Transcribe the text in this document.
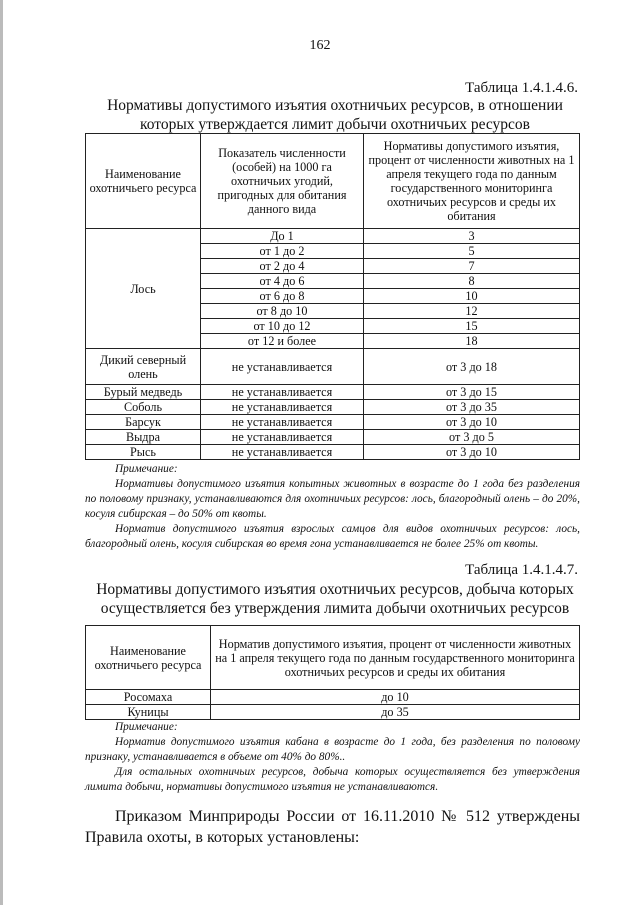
162
Таблица 1.4.1.4.6.
Нормативы допустимого изъятия охотничьих ресурсов, в отношении которых утверждается лимит добычи охотничьих ресурсов
Наименование охотничьего ресурса	Показатель численности (особей) на 1000 га охотничьих угодий, пригодных для обитания данного вида	Нормативы допустимого изъятия, процент от численности животных на 1 апреля текущего года по данным государственного мониторинга охотничьих ресурсов и среды их обитания
Лось	До 1	3
	от 1 до 2	5
	от 2 до 4	7
	от 4 до 6	8
	от 6 до 8	10
	от 8 до 10	12
	от 10 до 12	15
	от 12 и более	18
Дикий северный олень	не устанавливается	от 3 до 18
Бурый медведь	не устанавливается	от 3 до 15
Соболь	не устанавливается	от 3 до 35
Барсук	не устанавливается	от 3 до 10
Выдра	не устанавливается	от 3 до 5
Рысь	не устанавливается	от 3 до 10
Примечание:
Нормативы допустимого изъятия копытных животных в возрасте до 1 года без разделения по половому признаку, устанавливаются для охотничьих ресурсов: лось, благородный олень – до 20%, косуля сибирская – до 50% от квоты.
Норматив допустимого изъятия взрослых самцов для видов охотничьих ресурсов: лось, благородный олень, косуля сибирская во время гона устанавливается не более 25% от квоты.
Таблица 1.4.1.4.7.
Нормативы допустимого изъятия охотничьих ресурсов, добыча которых осуществляется без утверждения лимита добычи охотничьих ресурсов
Наименование охотничьего ресурса	Норматив допустимого изъятия, процент от численности животных на 1 апреля текущего года по данным государственного мониторинга охотничьих ресурсов и среды их обитания
Росомаха	до 10
Куницы	до 35
Примечание:
Норматив допустимого изъятия кабана в возрасте до 1 года, без разделения по половому признаку, устанавливается в объеме от 40% до 80%..
Для остальных охотничьих ресурсов, добыча которых осуществляется без утверждения лимита добычи, нормативы допустимого изъятия не устанавливаются.
Приказом Минприроды России от 16.11.2010 № 512 утверждены Правила охоты, в которых установлены:
